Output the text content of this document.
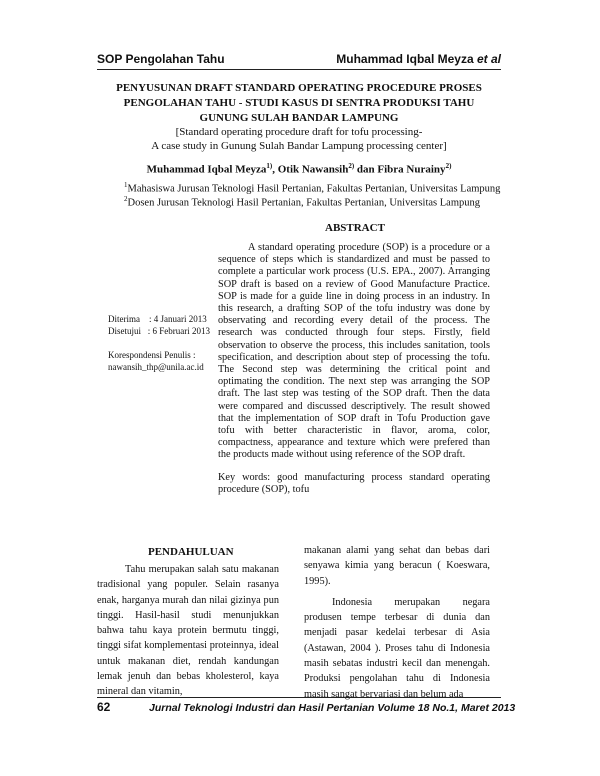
SOP Pengolahan Tahu	Muhammad Iqbal Meyza et al
PENYUSUNAN DRAFT STANDARD OPERATING PROCEDURE PROSES
PENGOLAHAN TAHU - STUDI KASUS DI SENTRA PRODUKSI TAHU
GUNUNG SULAH BANDAR LAMPUNG
[Standard operating procedure draft for tofu processing-
A case study in Gunung Sulah Bandar Lampung processing center]
Muhammad Iqbal Meyza$^{1)}$, Otik Nawansih$^{2)}$ dan Fibra Nurainy$^{2)}$
$^1$Mahasiswa Jurusan Teknologi Hasil Pertanian, Fakultas Pertanian, Universitas Lampung
$^2$Dosen Jurusan Teknologi Hasil Pertanian, Fakultas Pertanian, Universitas Lampung
ABSTRACT
Diterima    : 4 Januari 2013
Disetujui   : 6 Februari 2013
Korespondensi Penulis :
nawansih_thp@unila.ac.id

A standard operating procedure (SOP) is a procedure or a sequence of steps which is standardized and must be passed to complete a particular work process (U.S. EPA., 2007). Arranging SOP draft is based on a review of Good Manufacture Practice. SOP is made for a guide line in doing process in an industry. In this research, a drafting SOP of the tofu industry was done by observating and recording every detail of the process. The research was conducted through four steps. Firstly, field observation to observe the process, this includes sanitation, tools specification, and description about step of processing the tofu. The Second step was determining the critical point and optimating the condition. The next step was arranging the SOP draft. The last step was testing of the SOP draft. Then the data were compared and discussed descriptively. The result showed that the implementation of SOP draft in Tofu Production gave tofu with better characteristic in flavor, aroma, color, compactness, appearance and texture which were prefered than the products made without using reference of the SOP draft.

Key words: good manufacturing process standard operating procedure (SOP), tofu

PENDAHULUAN

Tahu merupakan salah satu makanan tradisional yang populer. Selain rasanya enak, harganya murah dan nilai gizinya pun tinggi. Hasil-hasil studi menunjukkan bahwa tahu kaya protein bermutu tinggi, tinggi sifat komplementasi proteinnya, ideal untuk makanan diet, rendah kandungan lemak jenuh dan bebas kholesterol, kaya mineral dan vitamin,

makanan alami yang sehat dan bebas dari senyawa kimia yang beracun ( Koeswara, 1995).

Indonesia merupakan negara produsen tempe terbesar di dunia dan menjadi pasar kedelai terbesar di Asia (Astawan, 2004 ). Proses tahu di Indonesia masih sebatas industri kecil dan menengah. Produksi pengolahan tahu di Indonesia masih sangat bervariasi dan belum ada

62	Jurnal Teknologi Industri dan Hasil Pertanian Volume 18 No.1, Maret 2013
